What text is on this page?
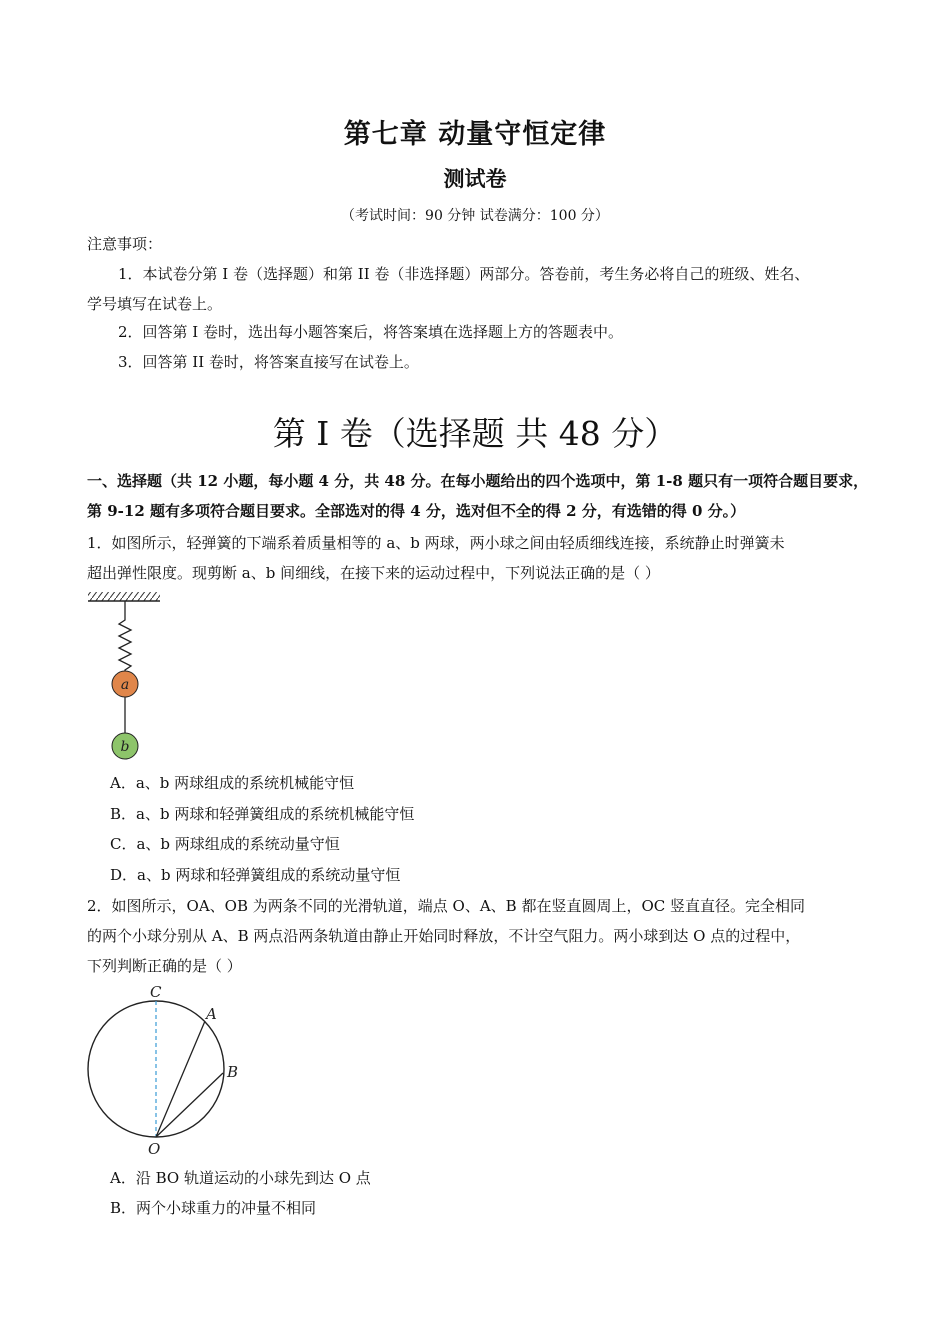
第七章 动量守恒定律
测试卷
（考试时间：90 分钟 试卷满分：100 分）
注意事项：
1．本试卷分第 I 卷（选择题）和第 II 卷（非选择题）两部分。答卷前，考生务必将自己的班级、姓名、
学号填写在试卷上。
2．回答第 I 卷时，选出每小题答案后，将答案填在选择题上方的答题表中。
3．回答第 II 卷时，将答案直接写在试卷上。
第 I 卷（选择题 共 48 分）
一、选择题（共 12 小题，每小题 4 分，共 48 分。在每小题给出的四个选项中，第 1-8 题只有一项符合题目要求，第 9-12 题有多项符合题目要求。全部选对的得 4 分，选对但不全的得 2 分，有选错的得 0 分。）
1．如图所示，轻弹簧的下端系着质量相等的 a、b 两球，两小球之间由轻质细线连接，系统静止时弹簧未
超出弹性限度。现剪断 a、b 间细线，在接下来的运动过程中，下列说法正确的是（ ）
a
b
A．a、b 两球组成的系统机械能守恒
B．a、b 两球和轻弹簧组成的系统机械能守恒
C．a、b 两球组成的系统动量守恒
D．a、b 两球和轻弹簧组成的系统动量守恒
2．如图所示，OA、OB 为两条不同的光滑轨道，端点 O、A、B 都在竖直圆周上，OC 竖直直径。完全相同
的两个小球分别从 A、B 两点沿两条轨道由静止开始同时释放，不计空气阻力。两小球到达 O 点的过程中，
下列判断正确的是（ ）
C
A
B
O
A．沿 BO 轨道运动的小球先到达 O 点
B．两个小球重力的冲量不相同
